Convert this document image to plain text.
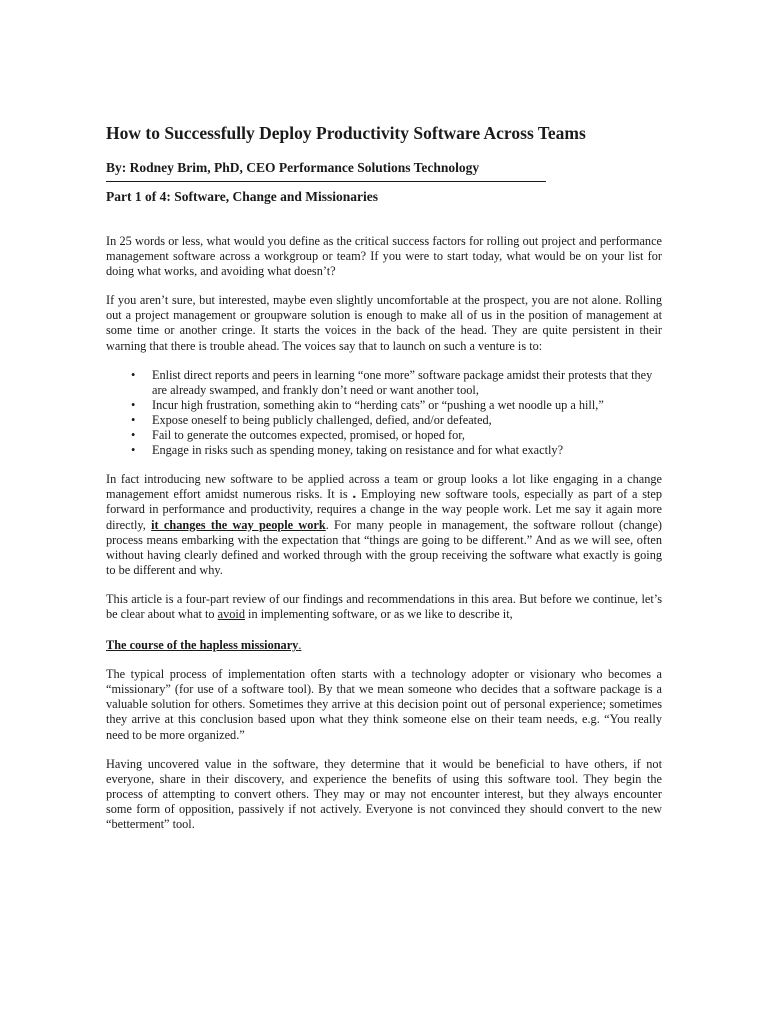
How to Successfully Deploy Productivity Software Across Teams
By: Rodney Brim, PhD, CEO Performance Solutions Technology
Part 1 of 4: Software, Change and Missionaries

In 25 words or less, what would you define as the critical success factors for rolling out project and performance management software across a workgroup or team? If you were to start today, what would be on your list for doing what works, and avoiding what doesn’t?

If you aren’t sure, but interested, maybe even slightly uncomfortable at the prospect, you are not alone. Rolling out a project management or groupware solution is enough to make all of us in the position of management at some time or another cringe. It starts the voices in the back of the head. They are quite persistent in their warning that there is trouble ahead. The voices say that to launch on such a venture is to:

• Enlist direct reports and peers in learning “one more” software package amidst their protests that they are already swamped, and frankly don’t need or want another tool,
• Incur high frustration, something akin to “herding cats” or “pushing a wet noodle up a hill,”
• Expose oneself to being publicly challenged, defied, and/or defeated,
• Fail to generate the outcomes expected, promised, or hoped for,
• Engage in risks such as spending money, taking on resistance and for what exactly?

In fact introducing new software to be applied across a team or group looks a lot like engaging in a change management effort amidst numerous risks. It is . Employing new software tools, especially as part of a step forward in performance and productivity, requires a change in the way people work. Let me say it again more directly, it changes the way people work. For many people in management, the software rollout (change) process means embarking with the expectation that “things are going to be different.” And as we will see, often without having clearly defined and worked through with the group receiving the software what exactly is going to be different and why.

This article is a four-part review of our findings and recommendations in this area. But before we continue, let’s be clear about what to avoid in implementing software, or as we like to describe it,

The course of the hapless missionary.

The typical process of implementation often starts with a technology adopter or visionary who becomes a “missionary” (for use of a software tool). By that we mean someone who decides that a software package is a valuable solution for others. Sometimes they arrive at this decision point out of personal experience; sometimes they arrive at this conclusion based upon what they think someone else on their team needs, e.g. “You really need to be more organized.”

Having uncovered value in the software, they determine that it would be beneficial to have others, if not everyone, share in their discovery, and experience the benefits of using this software tool. They begin the process of attempting to convert others. They may or may not encounter interest, but they always encounter some form of opposition, passively if not actively. Everyone is not convinced they should convert to the new “betterment” tool.
